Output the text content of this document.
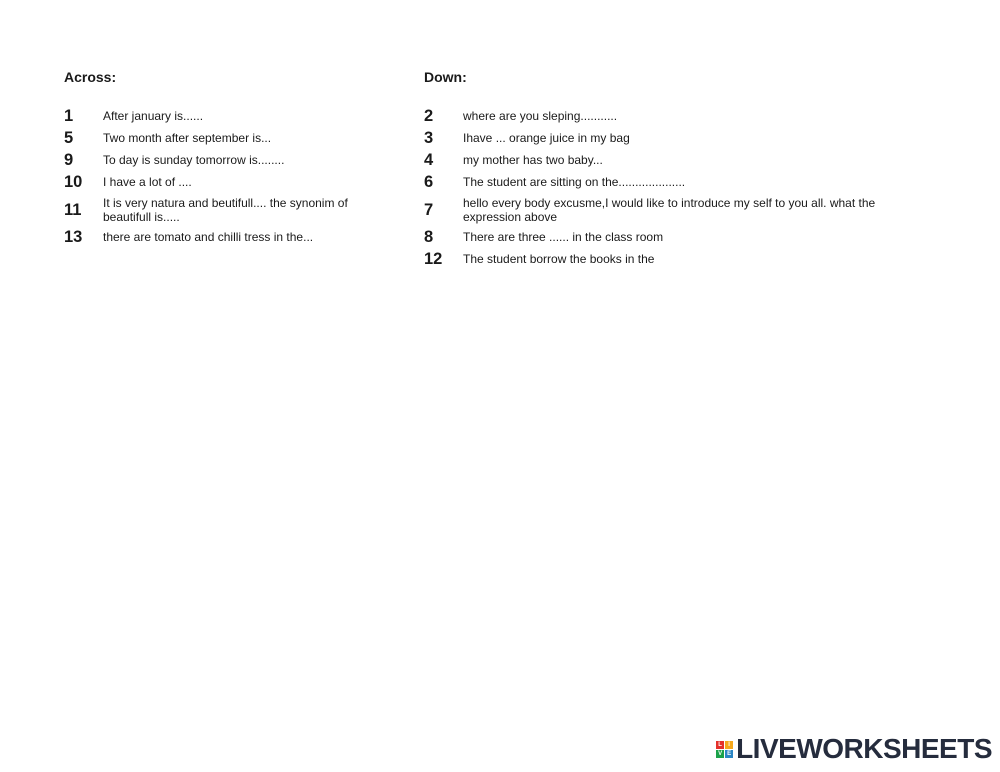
Across:
1	After january is......
5	Two month after september is...
9	To day is sunday tomorrow is........
10	I have a lot of ....
11	It is very natura and beutifull.... the synonim of beautifull is.....
13	there are tomato and chilli tress in the...
Down:
2	where are you sleping...........
3	Ihave ... orange juice in my bag
4	my mother has two baby...
6	The student are sitting on the....................
7	hello every body excusme,I would like to introduce my self to you all. what the expression above
8	There are three ...... in the class room
12	The student borrow the books in the
L	I
V E LIVEWORKSHEETS
